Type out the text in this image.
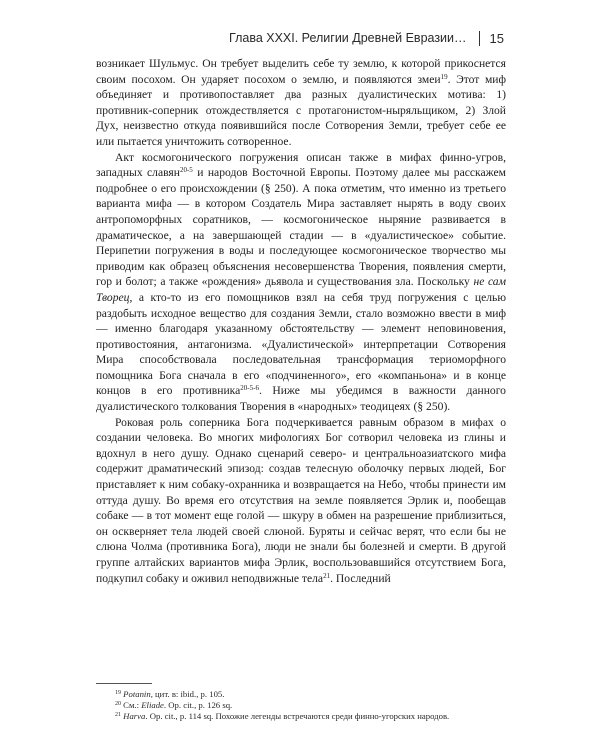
Глава XXXI. Религии Древней Евразии… 15

возникает Шульмус. Он требует выделить себе ту землю, к которой прикоснется своим посохом. Он ударяет посохом о землю, и появляются змеи$^{19}$. Этот миф объединяет и противопоставляет два разных дуалистических мотива: 1) противник-соперник отождествляется с протагонистом-ныряльщиком, 2) Злой Дух, неизвестно откуда появившийся после Сотворения Земли, требует себе ее или пытается уничтожить сотворенное.

Акт космогонического погружения описан также в мифах финно-угров, западных славян$^{20-5}$ и народов Восточной Европы. Поэтому далее мы расскажем подробнее о его происхождении (§ 250). А пока отметим, что именно из третьего варианта мифа — в котором Создатель Мира заставляет нырять в воду своих антропоморфных соратников, — космогоническое ныряние развивается в драматическое, а на завершающей стадии — в «дуалистическое» событие. Перипетии погружения в воды и последующее космогоническое творчество мы приводим как образец объяснения несовершенства Творения, появления смерти, гор и болот; а также «рождения» дьявола и существования зла. Поскольку не сам Творец, а кто-то из его помощников взял на себя труд погружения с целью раздобыть исходное вещество для создания Земли, стало возможно ввести в миф — именно благодаря указанному обстоятельству — элемент неповиновения, противостояния, антагонизма. «Дуалистической» интерпретации Сотворения Мира способствовала последовательная трансформация териоморфного помощника Бога сначала в его «подчиненного», его «компаньона» и в конце концов в его противника$^{20-5-6}$. Ниже мы убедимся в важности данного дуалистического толкования Творения в «народных» теодицеях (§ 250).

Роковая роль соперника Бога подчеркивается равным образом в мифах о создании человека. Во многих мифологиях Бог сотворил человека из глины и вдохнул в него душу. Однако сценарий северо- и центральноазиатского мифа содержит драматический эпизод: создав телесную оболочку первых людей, Бог приставляет к ним собаку-охранника и возвращается на Небо, чтобы принести им оттуда душу. Во время его отсутствия на земле появляется Эрлик и, пообещав собаке — в тот момент еще голой — шкуру в обмен на разрешение приблизиться, он оскверняет тела людей своей слюной. Буряты и сейчас верят, что если бы не слюна Чолма (противника Бога), люди не знали бы болезней и смерти. В другой группе алтайских вариантов мифа Эрлик, воспользовавшийся отсутствием Бога, подкупил собаку и оживил неподвижные тела$^{21}$. Последний

$^{19}$ Potanin, цит. в: ibid., p. 105.

$^{20}$ См.: Eliade. Op. cit., p. 126 sq.

$^{21}$ Harva. Op. cit., p. 114 sq. Похожие легенды встречаются среди финно-угорских народов.
